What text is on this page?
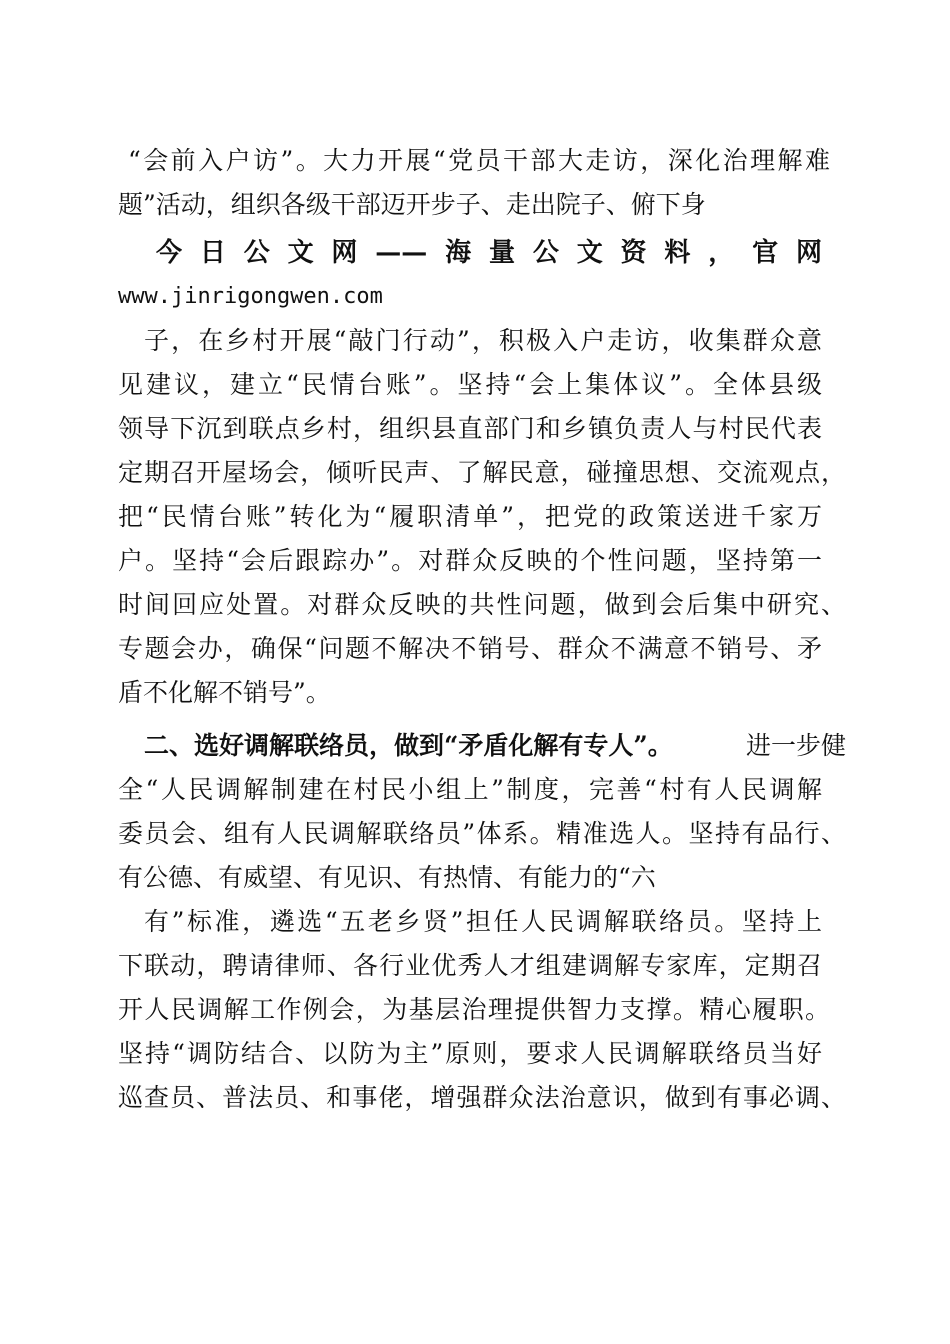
“会前入户访”。大力开展“党员干部大走访，深化治理解难
题”活动，组织各级干部迈开步子、走出院子、俯下身
今日公文网——海量公文资料，官网
www.jinrigongwen.com
子，在乡村开展“敲门行动”，积极入户走访，收集群众意
见建议，建立“民情台账”。坚持“会上集体议”。全体县级
领导下沉到联点乡村，组织县直部门和乡镇负责人与村民代表
定期召开屋场会，倾听民声、了解民意，碰撞思想、交流观点，
把“民情台账”转化为“履职清单”，把党的政策送进千家万
户。坚持“会后跟踪办”。对群众反映的个性问题，坚持第一
时间回应处置。对群众反映的共性问题，做到会后集中研究、
专题会办，确保“问题不解决不销号、群众不满意不销号、矛
盾不化解不销号”。
二、选好调解联络员，做到“矛盾化解有专人”。	进一步健
全“人民调解制建在村民小组上”制度，完善“村有人民调解
委员会、组有人民调解联络员”体系。精准选人。坚持有品行、
有公德、有威望、有见识、有热情、有能力的“六
有”标准，遴选“五老乡贤”担任人民调解联络员。坚持上
下联动，聘请律师、各行业优秀人才组建调解专家库，定期召
开人民调解工作例会，为基层治理提供智力支撑。精心履职。
坚持“调防结合、以防为主”原则，要求人民调解联络员当好
巡查员、普法员、和事佬，增强群众法治意识，做到有事必调、
